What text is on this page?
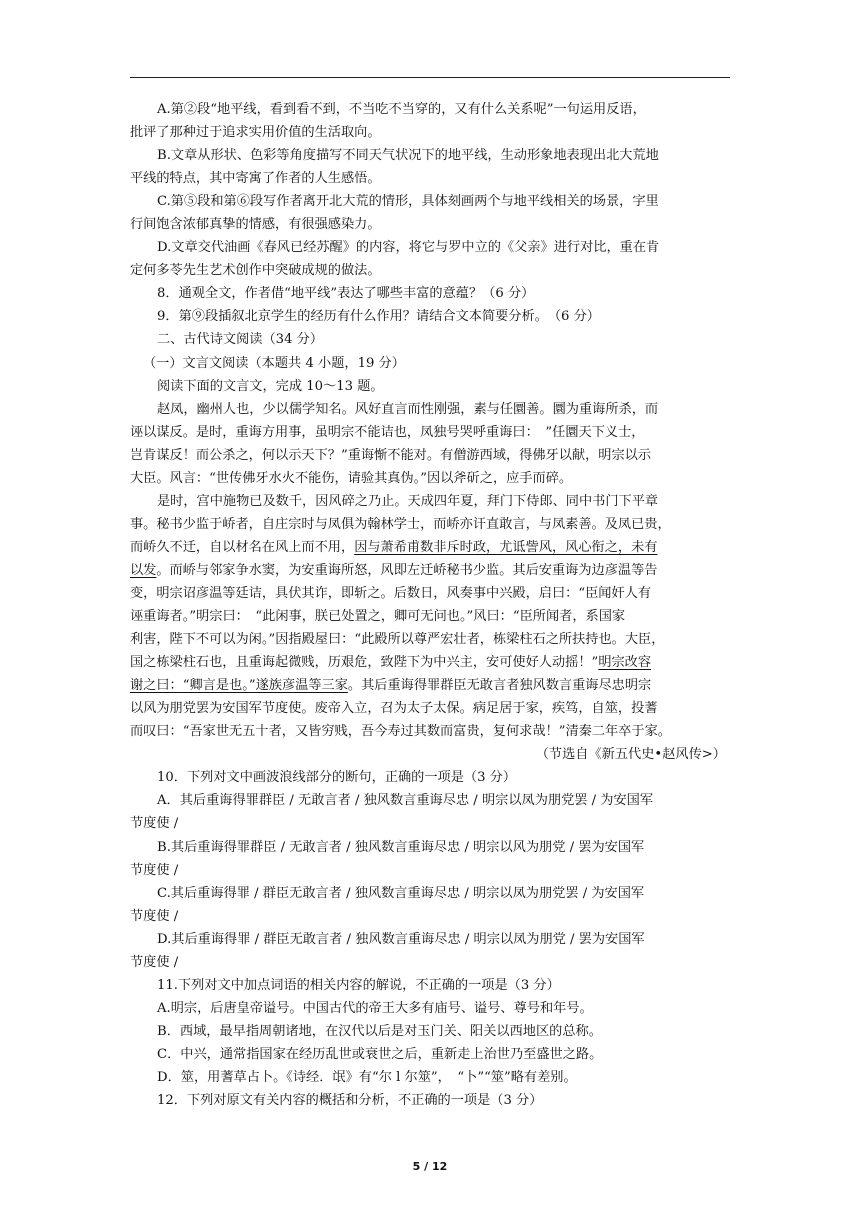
A.第②段“地平线，看到看不到，不当吃不当穿的，又有什么关系呢”一句运用反语，
批评了那种过于追求实用价值的生活取向。
B.文章从形状、色彩等角度描写不同天气状况下的地平线，生动形象地表现出北大荒地
平线的特点，其中寄寓了作者的人生感悟。
C.第⑤段和第⑥段写作者离开北大荒的情形，具体刻画两个与地平线相关的场景，字里
行间饱含浓郁真挚的情感，有很强感染力。
D.文章交代油画《春风已经苏醒》的内容，将它与罗中立的《父亲》进行对比，重在肯
定何多苓先生艺术创作中突破成规的做法。
8．通观全文，作者借“地平线”表达了哪些丰富的意蕴？（6 分）
9．第⑨段插叙北京学生的经历有什么作用？请结合文本简要分析。　（6 分）
二、古代诗文阅读（34 分）
（一）文言文阅读（本题共 4 小题，19 分）
阅读下面的文言文，完成 10～13 题。
赵凤，幽州人也，少以儒学知名。风好直言而性刚强，素与任圜善。圜为重诲所杀，而
诬以谋反。是时，重诲方用事，虽明宗不能诘也，凤独号哭呼重诲曰：　”任圜天下义士，
岂肯谋反！而公杀之，何以示天下？”重诲惭不能对。有僧游西域，得佛牙以献，明宗以示
大臣。风言：“世传佛牙水火不能伤，请验其真伪。”因以斧斫之，应手而碎。
是时，宫中施物已及数千，因风碎之乃止。天成四年夏，拜门下侍郎、同中书门下平章
事。秘书少监于峤者，自庄宗时与凤俱为翰林学士，而峤亦讦直敢言，与凤素善。及凤已贵，
而峤久不迁，自以材名在风上而不用，因与萧希甫数非斥时政，尤诋訾风，风心衔之，未有
以发。而峤与邻家争水窦，为安重诲所怒，风即左迁峤秘书少监。其后安重诲为边彦温等告
变，明宗诏彦温等廷诘，具伏其诈，即斩之。后数日，风奏事中兴殿，启曰：“臣闻奸人有
诬重诲者。”明宗曰：　“此闲事，朕已处置之，卿可无问也。”风曰：“臣所闻者，系国家
利害，陛下不可以为闲。”因指殿屋曰：“此殿所以尊严宏壮者，栋梁柱石之所扶持也。大臣，
国之栋梁柱石也，且重诲起微贱，历艰危，致陛下为中兴主，安可使好人动摇！”明宗改容
谢之曰：“卿言是也。”遂族彦温等三家。其后重诲得罪群臣无敢言者独风数言重诲尽忠明宗
以风为朋党罢为安国军节度使。废帝入立，召为太子太保。病足居于家，疾笃，自筮，投蓍
而叹曰：“吾家世无五十者，又皆穷贱，吾今寿过其数而富贵，复何求哉！”清秦二年卒于家。
（节选自《新五代史•赵风传>）
10．下列对文中画波浪线部分的断句，正确的一项是（3 分）
A．其后重诲得罪群臣 / 无敢言者 / 独风数言重诲尽忠 / 明宗以凤为朋党罢 / 为安国军
节度使 /
B.其后重诲得罪群臣 / 无敢言者 / 独风数言重诲尽忠 / 明宗以风为朋党 / 罢为安国军
节度使 /
C.其后重诲得罪 / 群臣无敢言者 / 独风数言重诲尽忠 / 明宗以凤为朋党罢 / 为安国军
节度使 /
D.其后重诲得罪 / 群臣无敢言者 / 独风数言重诲尽忠 / 明宗以凤为朋党 / 罢为安国军
节度使 /
11.下列对文中加点词语的相关内容的解说，不正确的一项是（3 分）
A.明宗，后唐皇帝谥号。中国古代的帝王大多有庙号、谥号、尊号和年号。
B．西域，最早指周朝诸地，在汉代以后是对玉门关、阳关以西地区的总称。
C．中兴，通常指国家在经历乱世或衰世之后，重新走上治世乃至盛世之路。
D．筮，用蓍草占卜。《诗经．氓》有“尔 l 尔筮”，　“卜”“筮”略有差别。
12．下列对原文有关内容的概括和分析，不正确的一项是（3 分）
5 / 12
